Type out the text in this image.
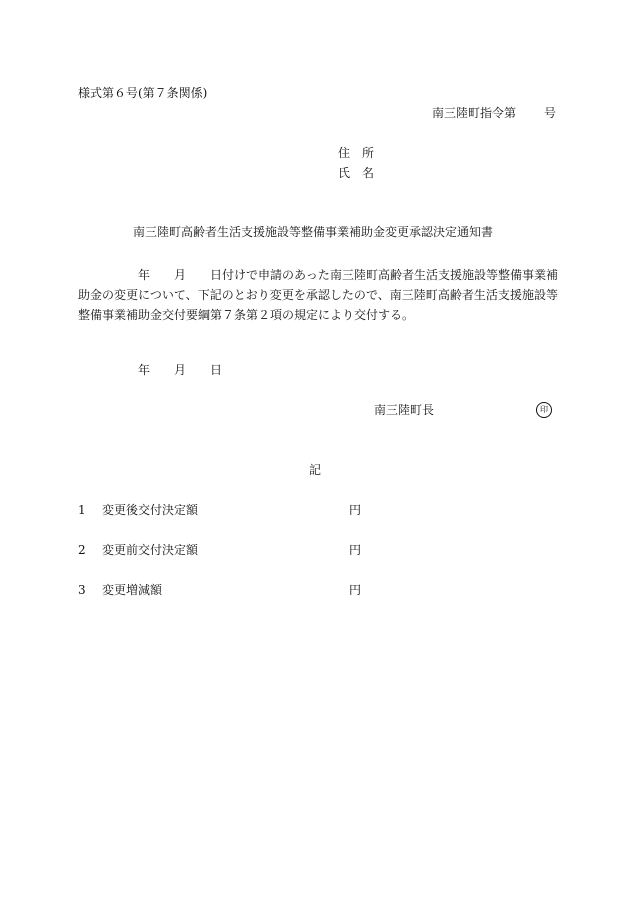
様式第６号(第７条関係)
南三陸町指令第 号
住 所
氏 名
南三陸町高齢者生活支援施設等整備事業補助金変更承認決定通知書
年 月 日付けで申請のあった南三陸町高齢者生活支援施設等整備事業補助金の変更について、下記のとおり変更を承認したので、南三陸町高齢者生活支援施設等整備事業補助金交付要綱第７条第２項の規定により交付する。
年 月 日
南三陸町長	印
記
1 変更後交付決定額	円
2 変更前交付決定額	円
3 変更増減額	円
